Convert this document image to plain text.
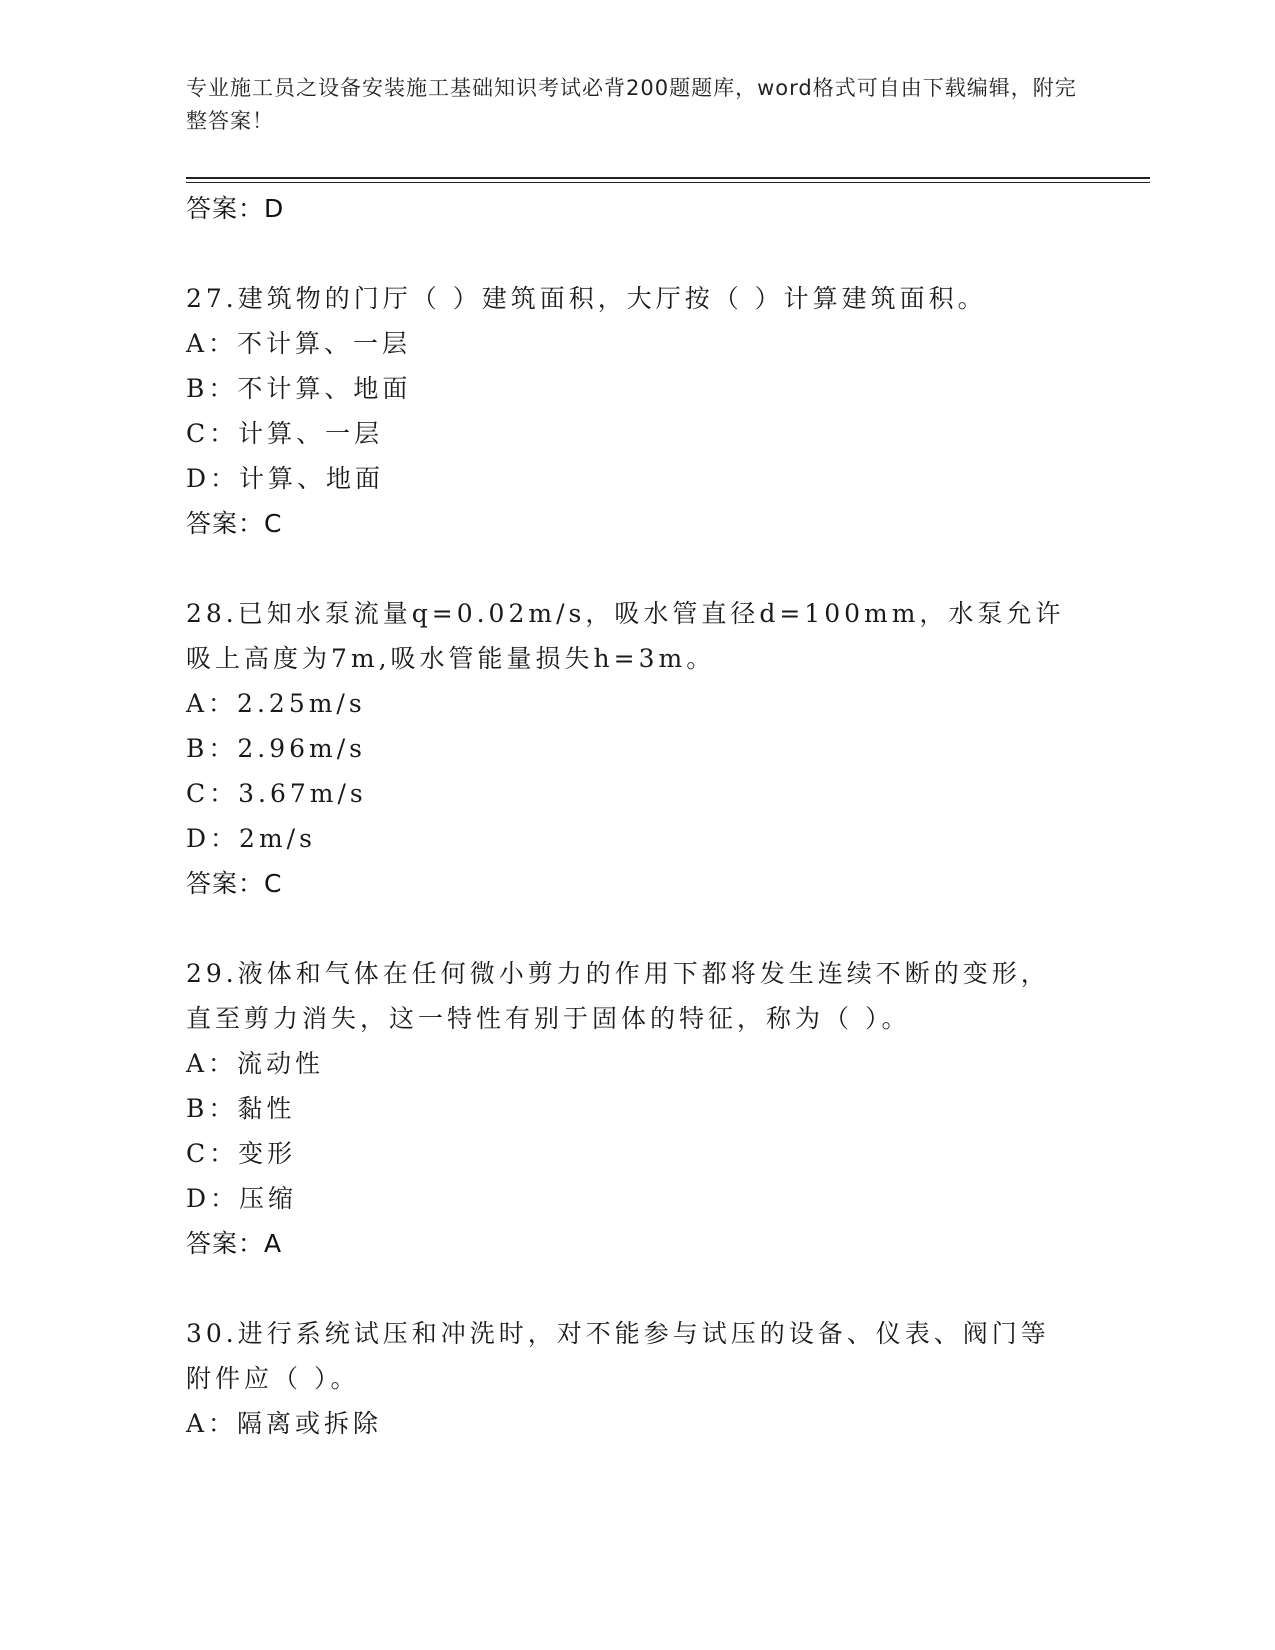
专业施工员之设备安装施工基础知识考试必背200题题库，word格式可自由下载编辑，附完整答案！
答案：D
27.建筑物的门厅（ ）建筑面积，大厅按（ ）计算建筑面积。
A：不计算、一层
B：不计算、地面
C：计算、一层
D：计算、地面
答案：C
28.已知水泵流量q=0.02m/s，吸水管直径d=100mm，水泵允许吸上高度为7m,吸水管能量损失h=3m。
A：2.25m/s
B：2.96m/s
C：3.67m/s
D：2m/s
答案：C
29.液体和气体在任何微小剪力的作用下都将发生连续不断的变形，直至剪力消失，这一特性有别于固体的特征，称为（ ）。
A：流动性
B：黏性
C：变形
D：压缩
答案：A
30.进行系统试压和冲洗时，对不能参与试压的设备、仪表、阀门等附件应（ ）。
A：隔离或拆除
